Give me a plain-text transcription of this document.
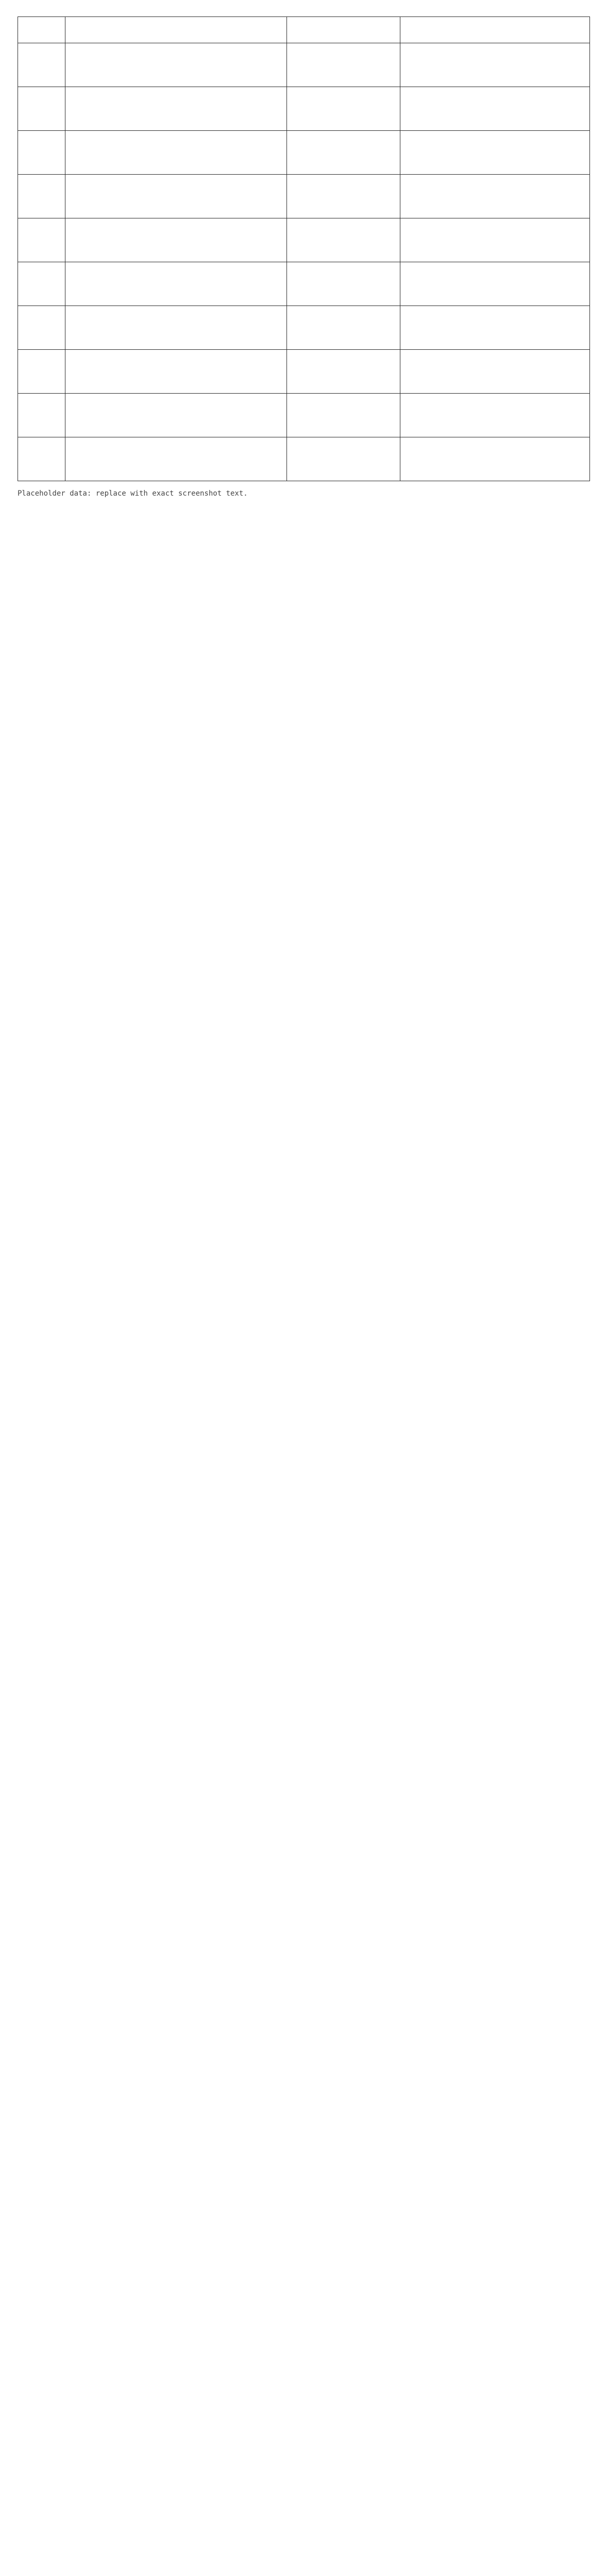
Placeholder data: replace with exact screenshot text.
